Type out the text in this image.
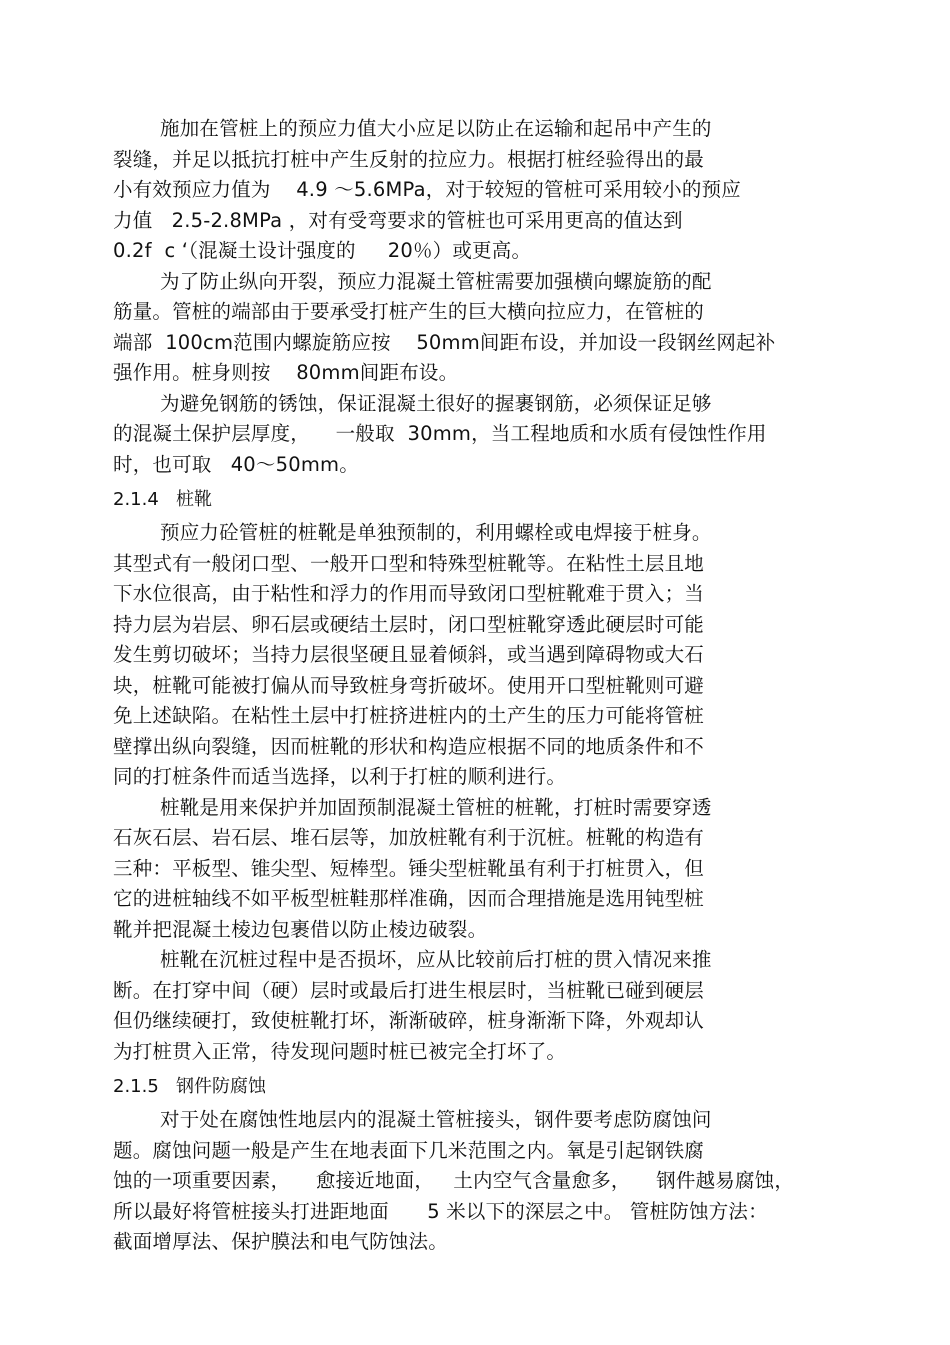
施加在管桩上的预应力值大小应足以防止在运输和起吊中产生的
裂缝，并足以抵抗打桩中产生反射的拉应力。根据打桩经验得出的最
小有效预应力值为    4.9 ～5.6MPa，对于较短的管桩可采用较小的预应
力值   2.5-2.8MPa ，对有受弯要求的管桩也可采用更高的值达到
0.2f  c ‘（混凝土设计强度的     20％）或更高。
为了防止纵向开裂，预应力混凝土管桩需要加强横向螺旋筋的配
筋量。管桩的端部由于要承受打桩产生的巨大横向拉应力，在管桩的
端部  100cm范围内螺旋筋应按    50mm间距布设，并加设一段钢丝网起补
强作用。桩身则按    80mm间距布设。
为避免钢筋的锈蚀，保证混凝土很好的握裹钢筋，必须保证足够
的混凝土保护层厚度，    一般取  30mm，当工程地质和水质有侵蚀性作用
时，也可取   40～50mm。
2.1.4   桩靴
预应力砼管桩的桩靴是单独预制的，利用螺栓或电焊接于桩身。
其型式有一般闭口型、一般开口型和特殊型桩靴等。在粘性土层且地
下水位很高，由于粘性和浮力的作用而导致闭口型桩靴难于贯入；当
持力层为岩层、卵石层或硬结土层时，闭口型桩靴穿透此硬层时可能
发生剪切破坏；当持力层很坚硬且显着倾斜，或当遇到障碍物或大石
块，桩靴可能被打偏从而导致桩身弯折破坏。使用开口型桩靴则可避
免上述缺陷。在粘性土层中打桩挤进桩内的土产生的压力可能将管桩
壁撑出纵向裂缝，因而桩靴的形状和构造应根据不同的地质条件和不
同的打桩条件而适当选择，以利于打桩的顺利进行。
桩靴是用来保护并加固预制混凝土管桩的桩靴，打桩时需要穿透
石灰石层、岩石层、堆石层等，加放桩靴有利于沉桩。桩靴的构造有
三种：平板型、锥尖型、短棒型。锤尖型桩靴虽有利于打桩贯入，但
它的进桩轴线不如平板型桩鞋那样准确，因而合理措施是选用钝型桩
靴并把混凝土棱边包裹借以防止棱边破裂。
桩靴在沉桩过程中是否损坏，应从比较前后打桩的贯入情况来推
断。在打穿中间（硬）层时或最后打进生根层时，当桩靴已碰到硬层
但仍继续硬打，致使桩靴打坏，渐渐破碎，桩身渐渐下降，外观却认
为打桩贯入正常，待发现问题时桩已被完全打坏了。
2.1.5   钢件防腐蚀
对于处在腐蚀性地层内的混凝土管桩接头，钢件要考虑防腐蚀问
题。腐蚀问题一般是产生在地表面下几米范围之内。氧是引起钢铁腐
蚀的一项重要因素，    愈接近地面，   土内空气含量愈多，    钢件越易腐蚀，
所以最好将管桩接头打进距地面      5 米以下的深层之中。 管桩防蚀方法：
截面增厚法、保护膜法和电气防蚀法。
